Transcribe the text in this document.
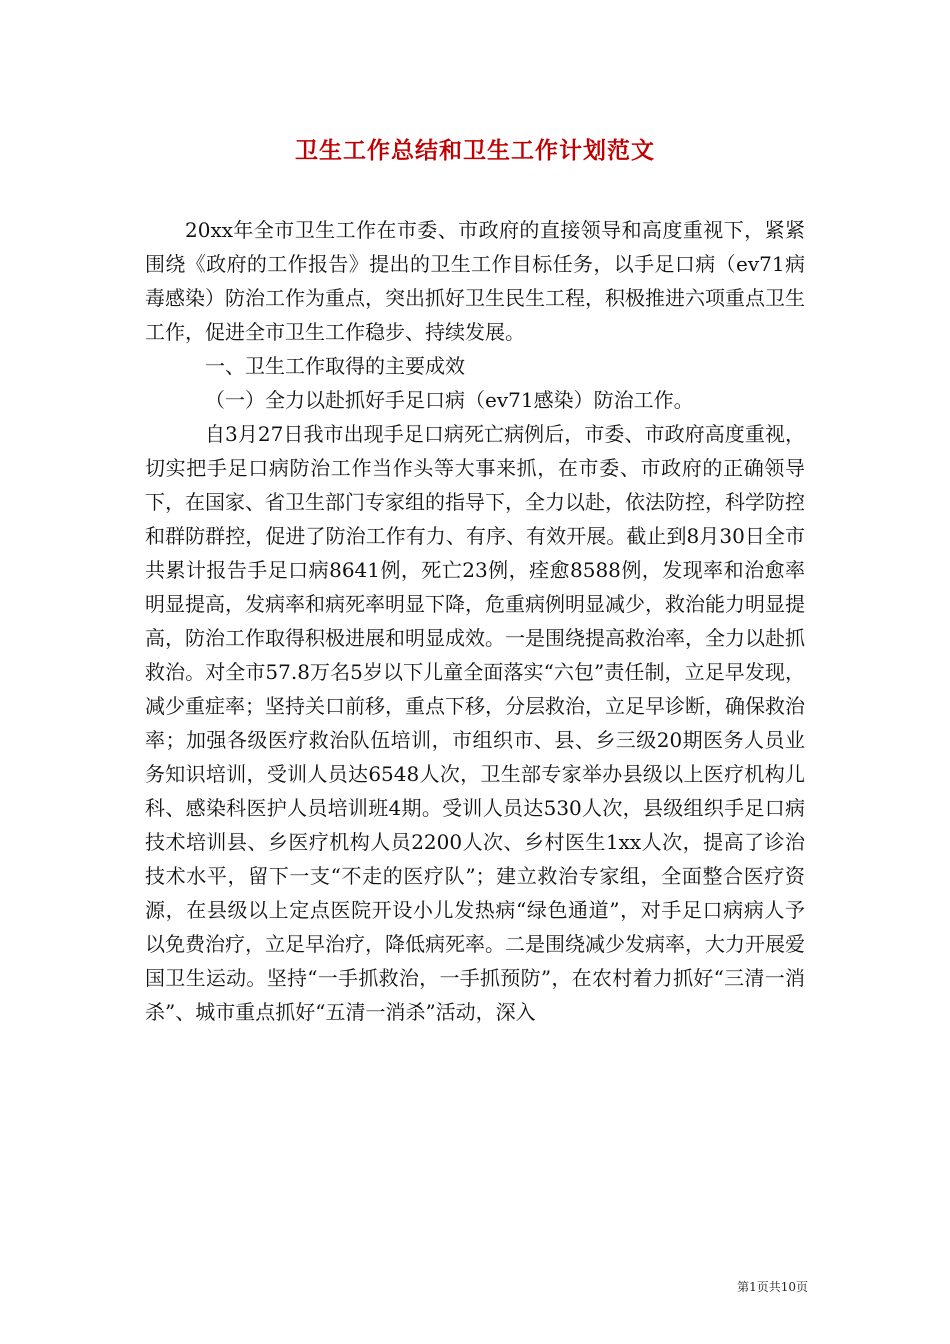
卫生工作总结和卫生工作计划范文

20xx年全市卫生工作在市委、市政府的直接领导和高度重视下，紧紧围绕《政府的工作报告》提出的卫生工作目标任务，以手足口病（ev71病毒感染）防治工作为重点，突出抓好卫生民生工程，积极推进六项重点卫生工作，促进全市卫生工作稳步、持续发展。

一、卫生工作取得的主要成效

（一）全力以赴抓好手足口病（ev71感染）防治工作。

自3月27日我市出现手足口病死亡病例后，市委、市政府高度重视，切实把手足口病防治工作当作头等大事来抓，在市委、市政府的正确领导下，在国家、省卫生部门专家组的指导下，全力以赴，依法防控，科学防控和群防群控，促进了防治工作有力、有序、有效开展。截止到8月30日全市共累计报告手足口病8641例，死亡23例，痊愈8588例，发现率和治愈率明显提高，发病率和病死率明显下降，危重病例明显减少，救治能力明显提高，防治工作取得积极进展和明显成效。一是围绕提高救治率，全力以赴抓救治。对全市57.8万名5岁以下儿童全面落实“六包”责任制，立足早发现，减少重症率；坚持关口前移，重点下移，分层救治，立足早诊断，确保救治率；加强各级医疗救治队伍培训，市组织市、县、乡三级20期医务人员业务知识培训，受训人员达6548人次，卫生部专家举办县级以上医疗机构儿科、感染科医护人员培训班4期。受训人员达530人次，县级组织手足口病技术培训县、乡医疗机构人员2200人次、乡村医生1xx人次，提高了诊治技术水平，留下一支“不走的医疗队”；建立救治专家组，全面整合医疗资源，在县级以上定点医院开设小儿发热病“绿色通道”，对手足口病病人予以免费治疗，立足早治疗，降低病死率。二是围绕减少发病率，大力开展爱国卫生运动。坚持“一手抓救治，一手抓预防”，在农村着力抓好“三清一消杀”、城市重点抓好“五清一消杀”活动，深入

第1页共10页
